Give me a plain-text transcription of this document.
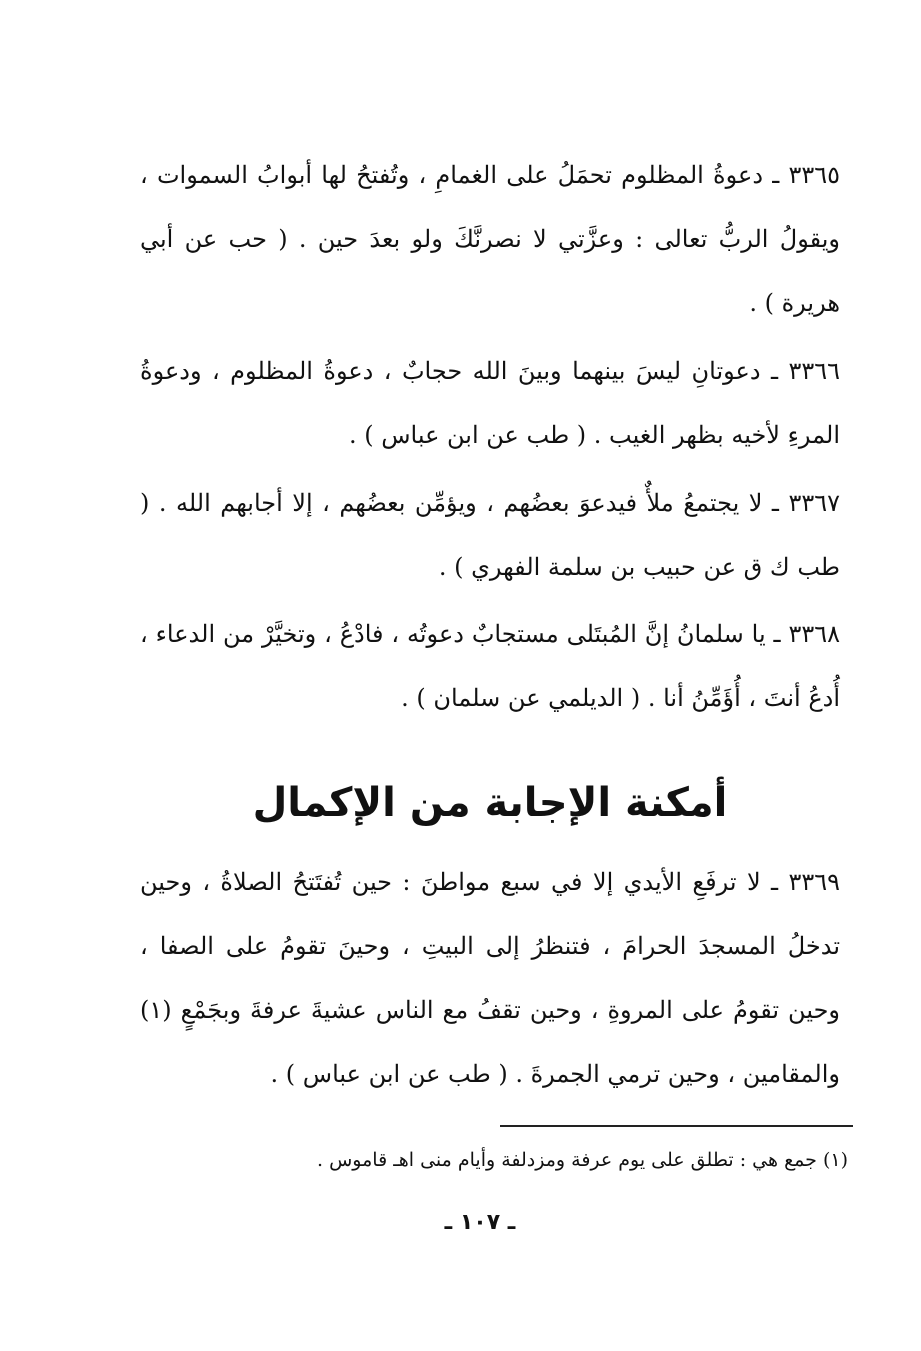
٣٣٦٥ ـ دعوةُ المظلوم تحمَلُ على الغمامِ ، وتُفتحُ لها أبوابُ السموات ، ويقولُ الربُّ تعالى : وعزَّتي لا نصرنَّكَ ولو بعدَ حين . ( حب عن أبي هريرة ) .

٣٣٦٦ ـ دعوتانِ ليسَ بينهما وبينَ الله حجابٌ ، دعوةُ المظلوم ، ودعوةُ المرءِ لأخيه بظهر الغيب . ( طب عن ابن عباس ) .

٣٣٦٧ ـ لا يجتمعُ ملأٌ فيدعوَ بعضُهم ، ويؤمِّن بعضُهم ، إلا أجابهم الله . ( طب ك ق عن حبيب بن سلمة الفهري ) .

٣٣٦٨ ـ يا سلمانُ إنَّ المُبتَلى مستجابٌ دعوتُه ، فادْعُ ، وتخيَّرْ من الدعاء ، أُدعُ أنتَ ، أُؤَمِّنُ أنا . ( الديلمي عن سلمان ) .

أمكنة الإجابة من الإكمال

٣٣٦٩ ـ لا ترفَعِ الأيدي إلا في سبع مواطنَ : حين تُفتَتحُ الصلاةُ ، وحين تدخلُ المسجدَ الحرامَ ، فتنظرُ إلى البيتِ ، وحينَ تقومُ على الصفا ، وحين تقومُ على المروةِ ، وحين تقفُ مع الناس عشيةَ عرفةَ وبجَمْعٍ (١) والمقامين ، وحين ترمي الجمرةَ . ( طب عن ابن عباس ) .

(١) جمع هي : تطلق على يوم عرفة ومزدلفة وأيام منى اهـ قاموس .
ـ ١٠٧ ـ
